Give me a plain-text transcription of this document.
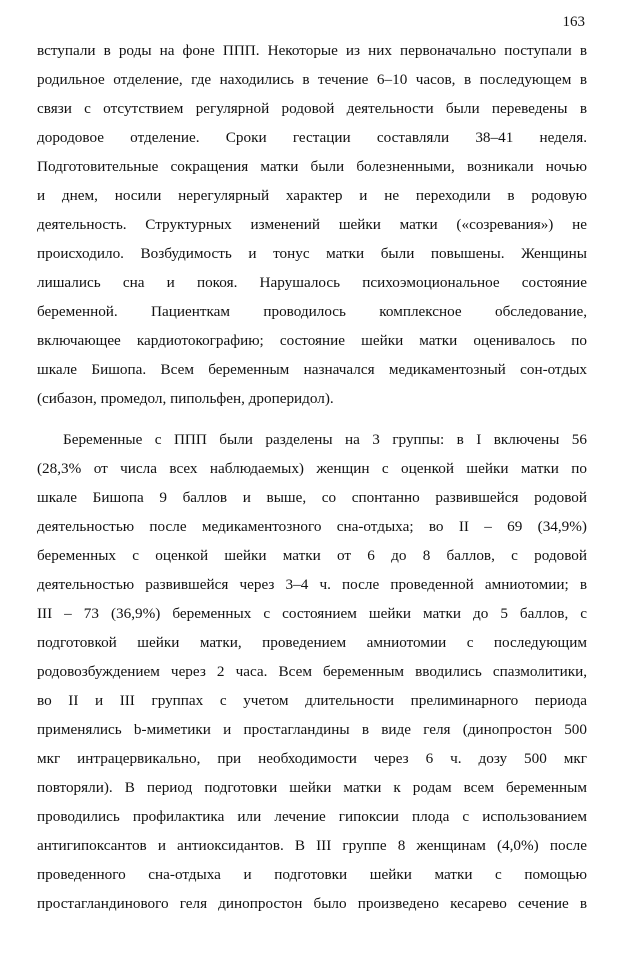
163
вступали в роды на фоне ППП. Некоторые из них первоначально поступали в
родильное отделение, где находились в течение 6–10 часов, в последующем в
связи с отсутствием регулярной родовой деятельности были переведены в
дородовое отделение. Сроки гестации составляли 38–41 неделя.
Подготовительные сокращения матки были болезненными, возникали ночью
и днем, носили нерегулярный характер и не переходили в родовую
деятельность. Структурных изменений шейки матки («созревания») не
происходило. Возбудимость и тонус матки были повышены. Женщины
лишались сна и покоя. Нарушалось психоэмоциональное состояние
беременной. Пациенткам проводилось комплексное обследование,
включающее кардиотокографию; состояние шейки матки оценивалось по
шкале Бишопа. Всем беременным назначался медикаментозный сон-отдых
(сибазон, промедол, пипольфен, дроперидол).
Беременные с ППП были разделены на 3 группы: в I включены 56
(28,3% от числа всех наблюдаемых) женщин с оценкой шейки матки по
шкале Бишопа 9 баллов и выше, со спонтанно развившейся родовой
деятельностью после медикаментозного сна-отдыха; во II – 69 (34,9%)
беременных с оценкой шейки матки от 6 до 8 баллов, с родовой
деятельностью развившейся через 3–4 ч. после проведенной амниотомии; в
III – 73 (36,9%) беременных с состоянием шейки матки до 5 баллов, с
подготовкой шейки матки, проведением амниотомии с последующим
родовозбуждением через 2 часа. Всем беременным вводились спазмолитики,
во II и III группах с учетом длительности прелиминарного периода
применялись b-миметики и простагландины в виде геля (динопростон 500
мкг интрацервикально, при необходимости через 6 ч. дозу 500 мкг
повторяли). В период подготовки шейки матки к родам всем беременным
проводились профилактика или лечение гипоксии плода с использованием
антигипоксантов и антиоксидантов. В III группе 8 женщинам (4,0%) после
проведенного сна-отдыха и подготовки шейки матки с помощью
простагландинового геля динопростон было произведено кесарево сечение в
